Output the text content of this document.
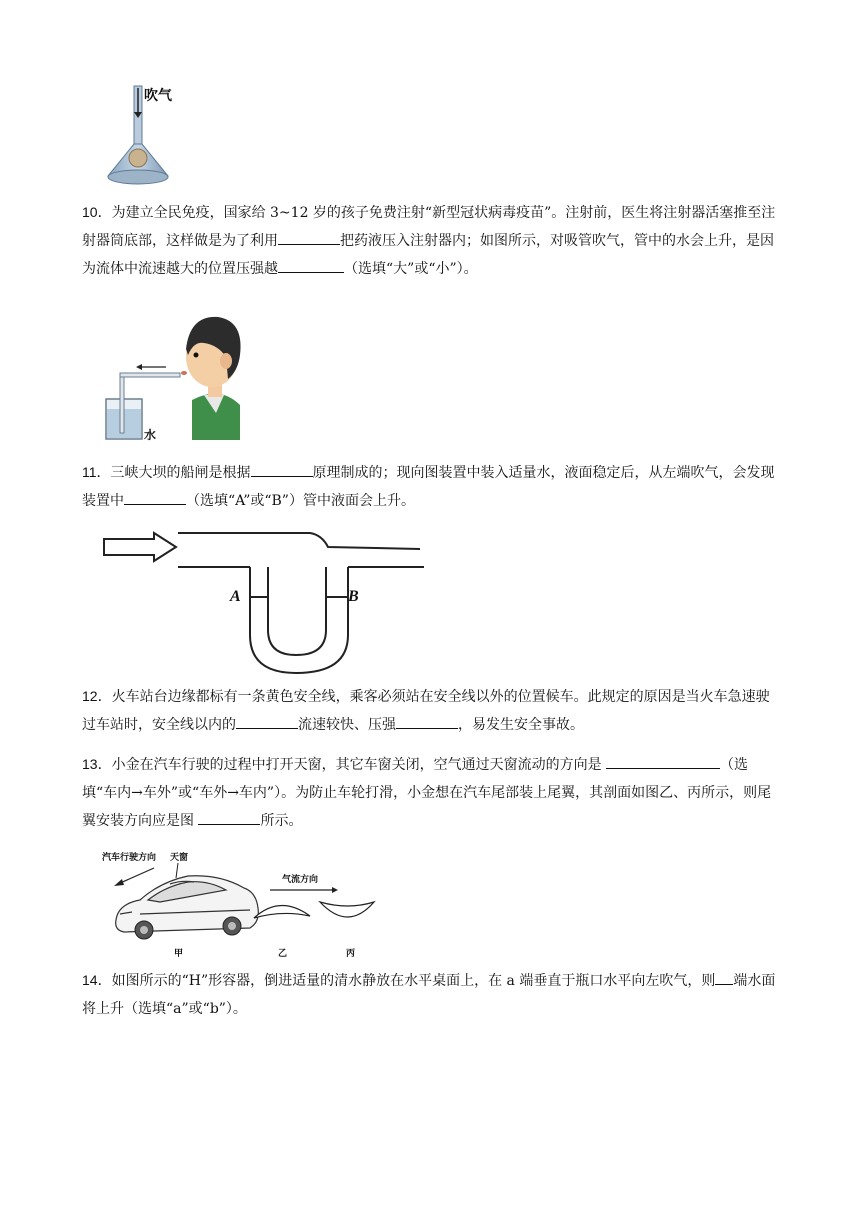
吹气

10．为建立全民免疫，国家给 3~12 岁的孩子免费注射“新型冠状病毒疫苗”。注射前，医生将注射器活塞推至注射器筒底部，这样做是为了利用	把药液压入注射器内；如图所示，对吸管吹气，管中的水会上升，是因为流体中流速越大的位置压强越	（选填“大”或“小”）。

水

11．三峡大坝的船闸是根据	原理制成的；现向图装置中装入适量水，液面稳定后，从左端吹气，会发现装置中	（选填“A”或“B”）管中液面会上升。

A	B

12．火车站台边缘都标有一条黄色安全线，乘客必须站在安全线以外的位置候车。此规定的原因是当火车急速驶过车站时，安全线以内的	流速较快、压强	，易发生安全事故。

13．小金在汽车行驶的过程中打开天窗，其它车窗关闭，空气通过天窗流动的方向是	（选填“车内→车外”或“车外→车内”）。为防止车轮打滑，小金想在汽车尾部装上尾翼，其剖面如图乙、丙所示，则尾翼安装方向应是图	所示。

汽车行驶方向 天窗
气流方向
甲	乙	丙

14．如图所示的“H”形容器，倒进适量的清水静放在水平桌面上，在 a 端垂直于瓶口水平向左吹气，则 端水面将上升（选填“a”或“b”）。
